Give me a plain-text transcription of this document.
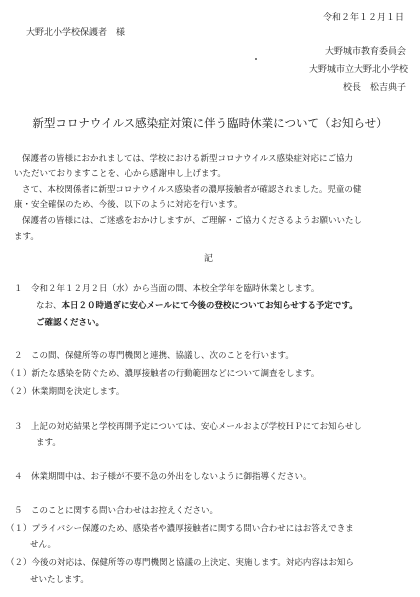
令和２年１２月１日
大野北小学校保護者　様
大野城市教育委員会
大野城市立大野北小学校
校長　松吉典子
新型コロナウイルス感染症対策に伴う臨時休業について（お知らせ）
保護者の皆様におかれましては、学校における新型コロナウイルス感染症対応にご協力
いただいておりますことを、心から感謝申し上げます。
さて、本校関係者に新型コロナウイルス感染者の濃厚接触者が確認されました。児童の健
康・安全確保のため、今後、以下のように対応を行います。
保護者の皆様には、ご迷惑をおかけしますが、ご理解・ご協力くださるようお願いいたし
ます。
記
１　令和２年１２月２日（水）から当面の間、本校全学年を臨時休業とします。
なお、本日２０時過ぎに安心メールにて今後の登校についてお知らせする予定です。
ご確認ください。
２　この間、保健所等の専門機関と連携、協議し、次のことを行います。
（１）新たな感染を防ぐため、濃厚接触者の行動範囲などについて調査をします。
（２）休業期間を決定します。
３　上記の対応結果と学校再開予定については、安心メールおよび学校ＨＰにてお知らせし
ます。
４　休業期間中は、お子様が不要不急の外出をしないように御指導ください。
５　このことに関する問い合わせはお控えください。
（１）プライバシー保護のため、感染者や濃厚接触者に関する問い合わせにはお答えできま
せん。
（２）今後の対応は、保健所等の専門機関と協議の上決定、実施します。対応内容はお知ら
せいたします。
